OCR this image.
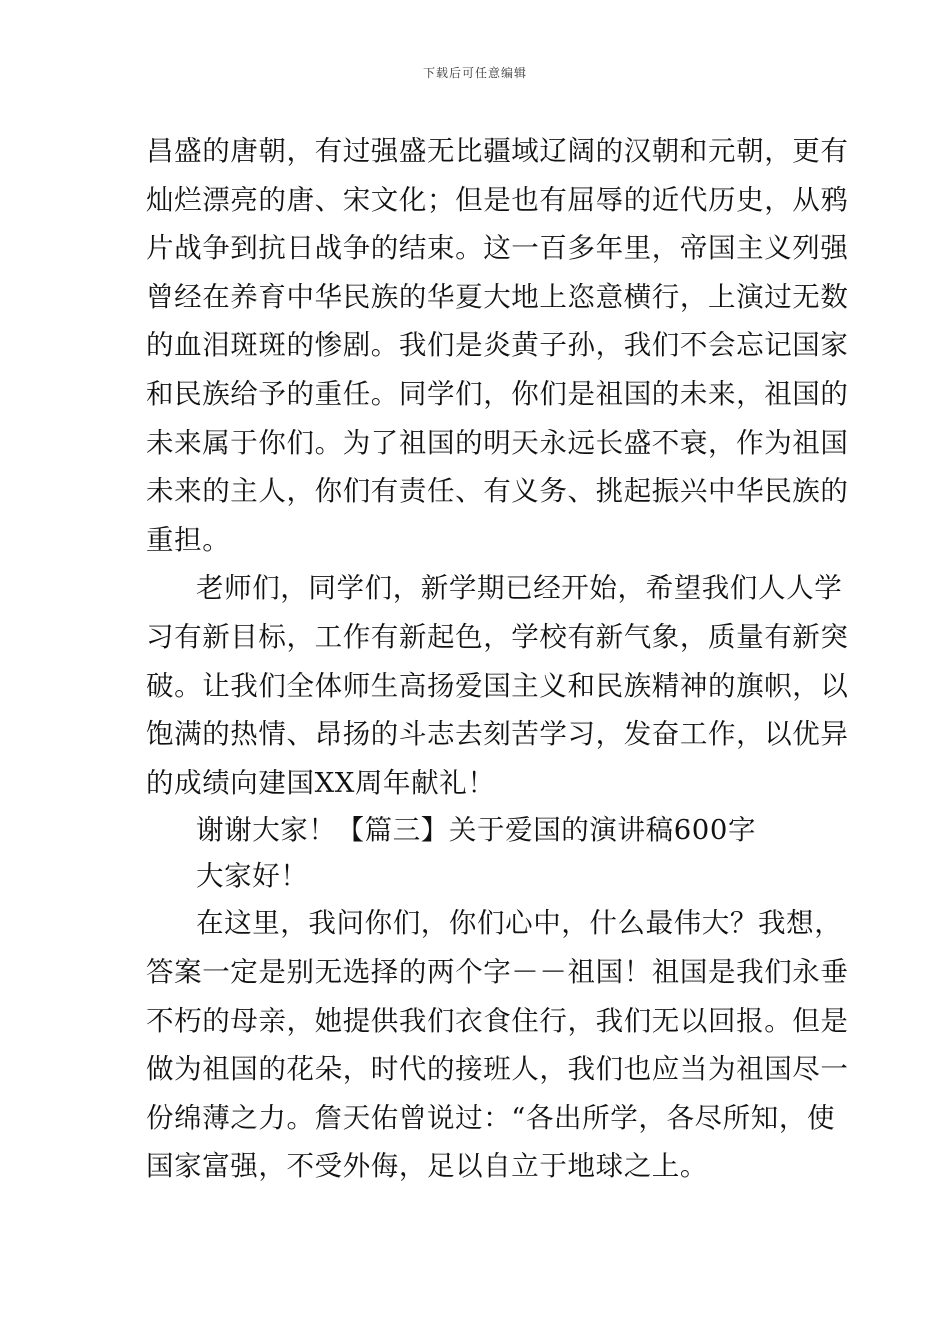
下载后可任意编辑
昌盛的唐朝，有过强盛无比疆域辽阔的汉朝和元朝，更有
灿烂漂亮的唐、宋文化；但是也有屈辱的近代历史，从鸦
片战争到抗日战争的结束。这一百多年里，帝国主义列强
曾经在养育中华民族的华夏大地上恣意横行，上演过无数
的血泪斑斑的惨剧。我们是炎黄子孙，我们不会忘记国家
和民族给予的重任。同学们，你们是祖国的未来，祖国的
未来属于你们。为了祖国的明天永远长盛不衰，作为祖国
未来的主人，你们有责任、有义务、挑起振兴中华民族的
重担。
老师们，同学们，新学期已经开始，希望我们人人学
习有新目标，工作有新起色，学校有新气象，质量有新突
破。让我们全体师生高扬爱国主义和民族精神的旗帜，以
饱满的热情、昂扬的斗志去刻苦学习，发奋工作，以优异
的成绩向建国XX周年献礼！
谢谢大家！【篇三】关于爱国的演讲稿600字
大家好！
在这里，我问你们，你们心中，什么最伟大？我想，
答案一定是别无选择的两个字－－祖国！祖国是我们永垂
不朽的母亲，她提供我们衣食住行，我们无以回报。但是
做为祖国的花朵，时代的接班人，我们也应当为祖国尽一
份绵薄之力。詹天佑曾说过：“各出所学，各尽所知，使
国家富强，不受外侮，足以自立于地球之上。
